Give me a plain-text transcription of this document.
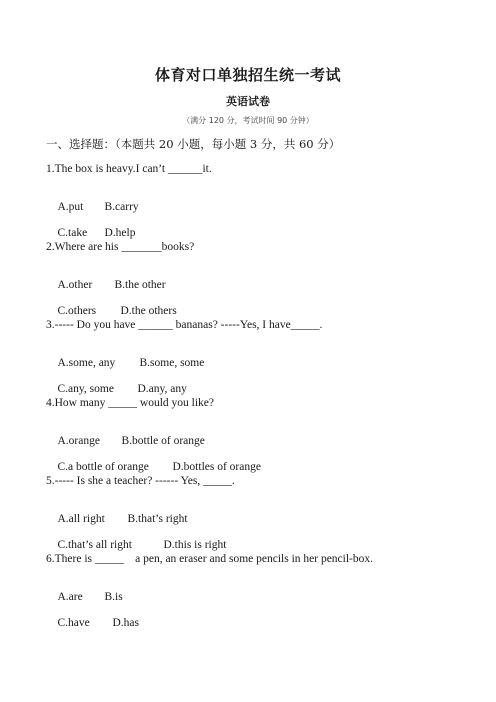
体育对口单独招生统一考试
英语试卷
（满分 120 分，考试时间 90 分钟）
一、选择题：（本题共 20 小题，每小题 3 分，共 60 分）
1.The box is heavy.I can’t ______it.

A.put B.carry

C.take D.help

2.Where are his _______books?

A.other B.the other

C.others D.the others

3.----- Do you have ______ bananas? -----Yes, I have_____.

A.some, any B.some, some

C.any, some D.any, any

4.How many _____ would you like?

A.orange B.bottle of orange

C.a bottle of orange D.bottles of orange

5.----- Is she a teacher? ------ Yes, _____.

A.all right B.that’s right

C.that’s all right	D.this is right

6.There is _____    a pen, an eraser and some pencils in her pencil-box.

A.are B.is

C.have D.has
